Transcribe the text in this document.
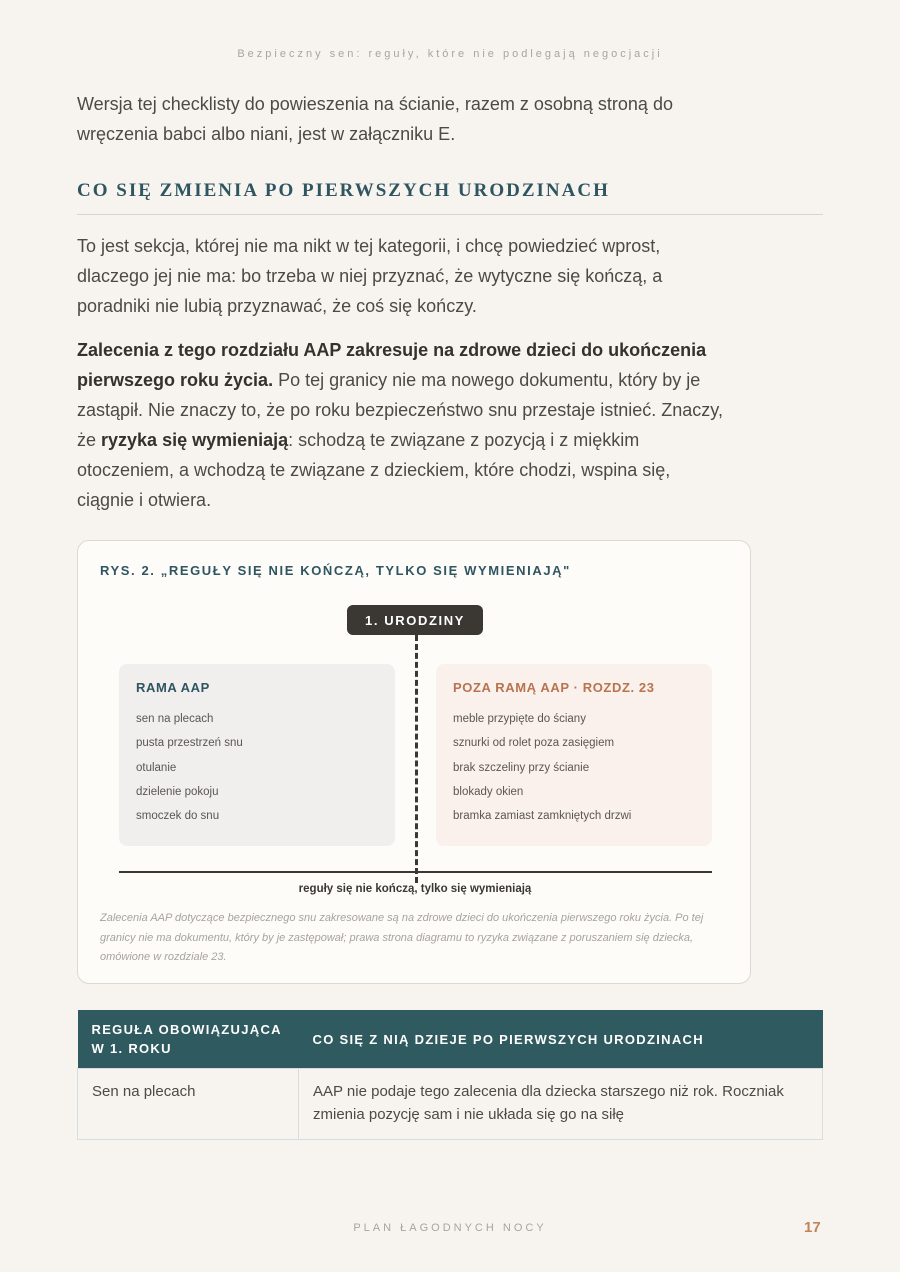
Bezpieczny sen: reguły, które nie podlegają negocjacji

Wersja tej checklisty do powieszenia na ścianie, razem z osobną stroną do wręczenia babci albo niani, jest w załączniku E.

CO SIĘ ZMIENIA PO PIERWSZYCH URODZINACH

To jest sekcja, której nie ma nikt w tej kategorii, i chcę powiedzieć wprost, dlaczego jej nie ma: bo trzeba w niej przyznać, że wytyczne się kończą, a poradniki nie lubią przyznawać, że coś się kończy.

Zalecenia z tego rozdziału AAP zakresuje na zdrowe dzieci do ukończenia pierwszego roku życia. Po tej granicy nie ma nowego dokumentu, który by je zastąpił. Nie znaczy to, że po roku bezpieczeństwo snu przestaje istnieć. Znaczy, że ryzyka się wymieniają: schodzą te związane z pozycją i z miękkim otoczeniem, a wchodzą te związane z dzieckiem, które chodzi, wspina się, ciągnie i otwiera.

RYS. 2. „REGUŁY SIĘ NIE KOŃCZĄ, TYLKO SIĘ WYMIENIAJĄ"
1. URODZINY
RAMA AAP
sen na plecach
pusta przestrzeń snu
otulanie
dzielenie pokoju
smoczek do snu
POZA RAMĄ AAP · ROZDZ. 23
meble przypięte do ściany
sznurki od rolet poza zasięgiem
brak szczeliny przy ścianie
blokady okien
bramka zamiast zamkniętych drzwi
reguły się nie kończą, tylko się wymieniają
Zalecenia AAP dotyczące bezpiecznego snu zakresowane są na zdrowe dzieci do ukończenia pierwszego roku życia. Po tej granicy nie ma dokumentu, który by je zastępował; prawa strona diagramu to ryzyka związane z poruszaniem się dziecka, omówione w rozdziale 23.
REGUŁA OBOWIĄZUJĄCA W 1. ROKU	CO SIĘ Z NIĄ DZIEJE PO PIERWSZYCH URODZINACH
Sen na plecach	AAP nie podaje tego zalecenia dla dziecka starszego niż rok. Roczniak zmienia pozycję sam i nie układa się go na siłę
PLAN ŁAGODNYCH NOCY	17
